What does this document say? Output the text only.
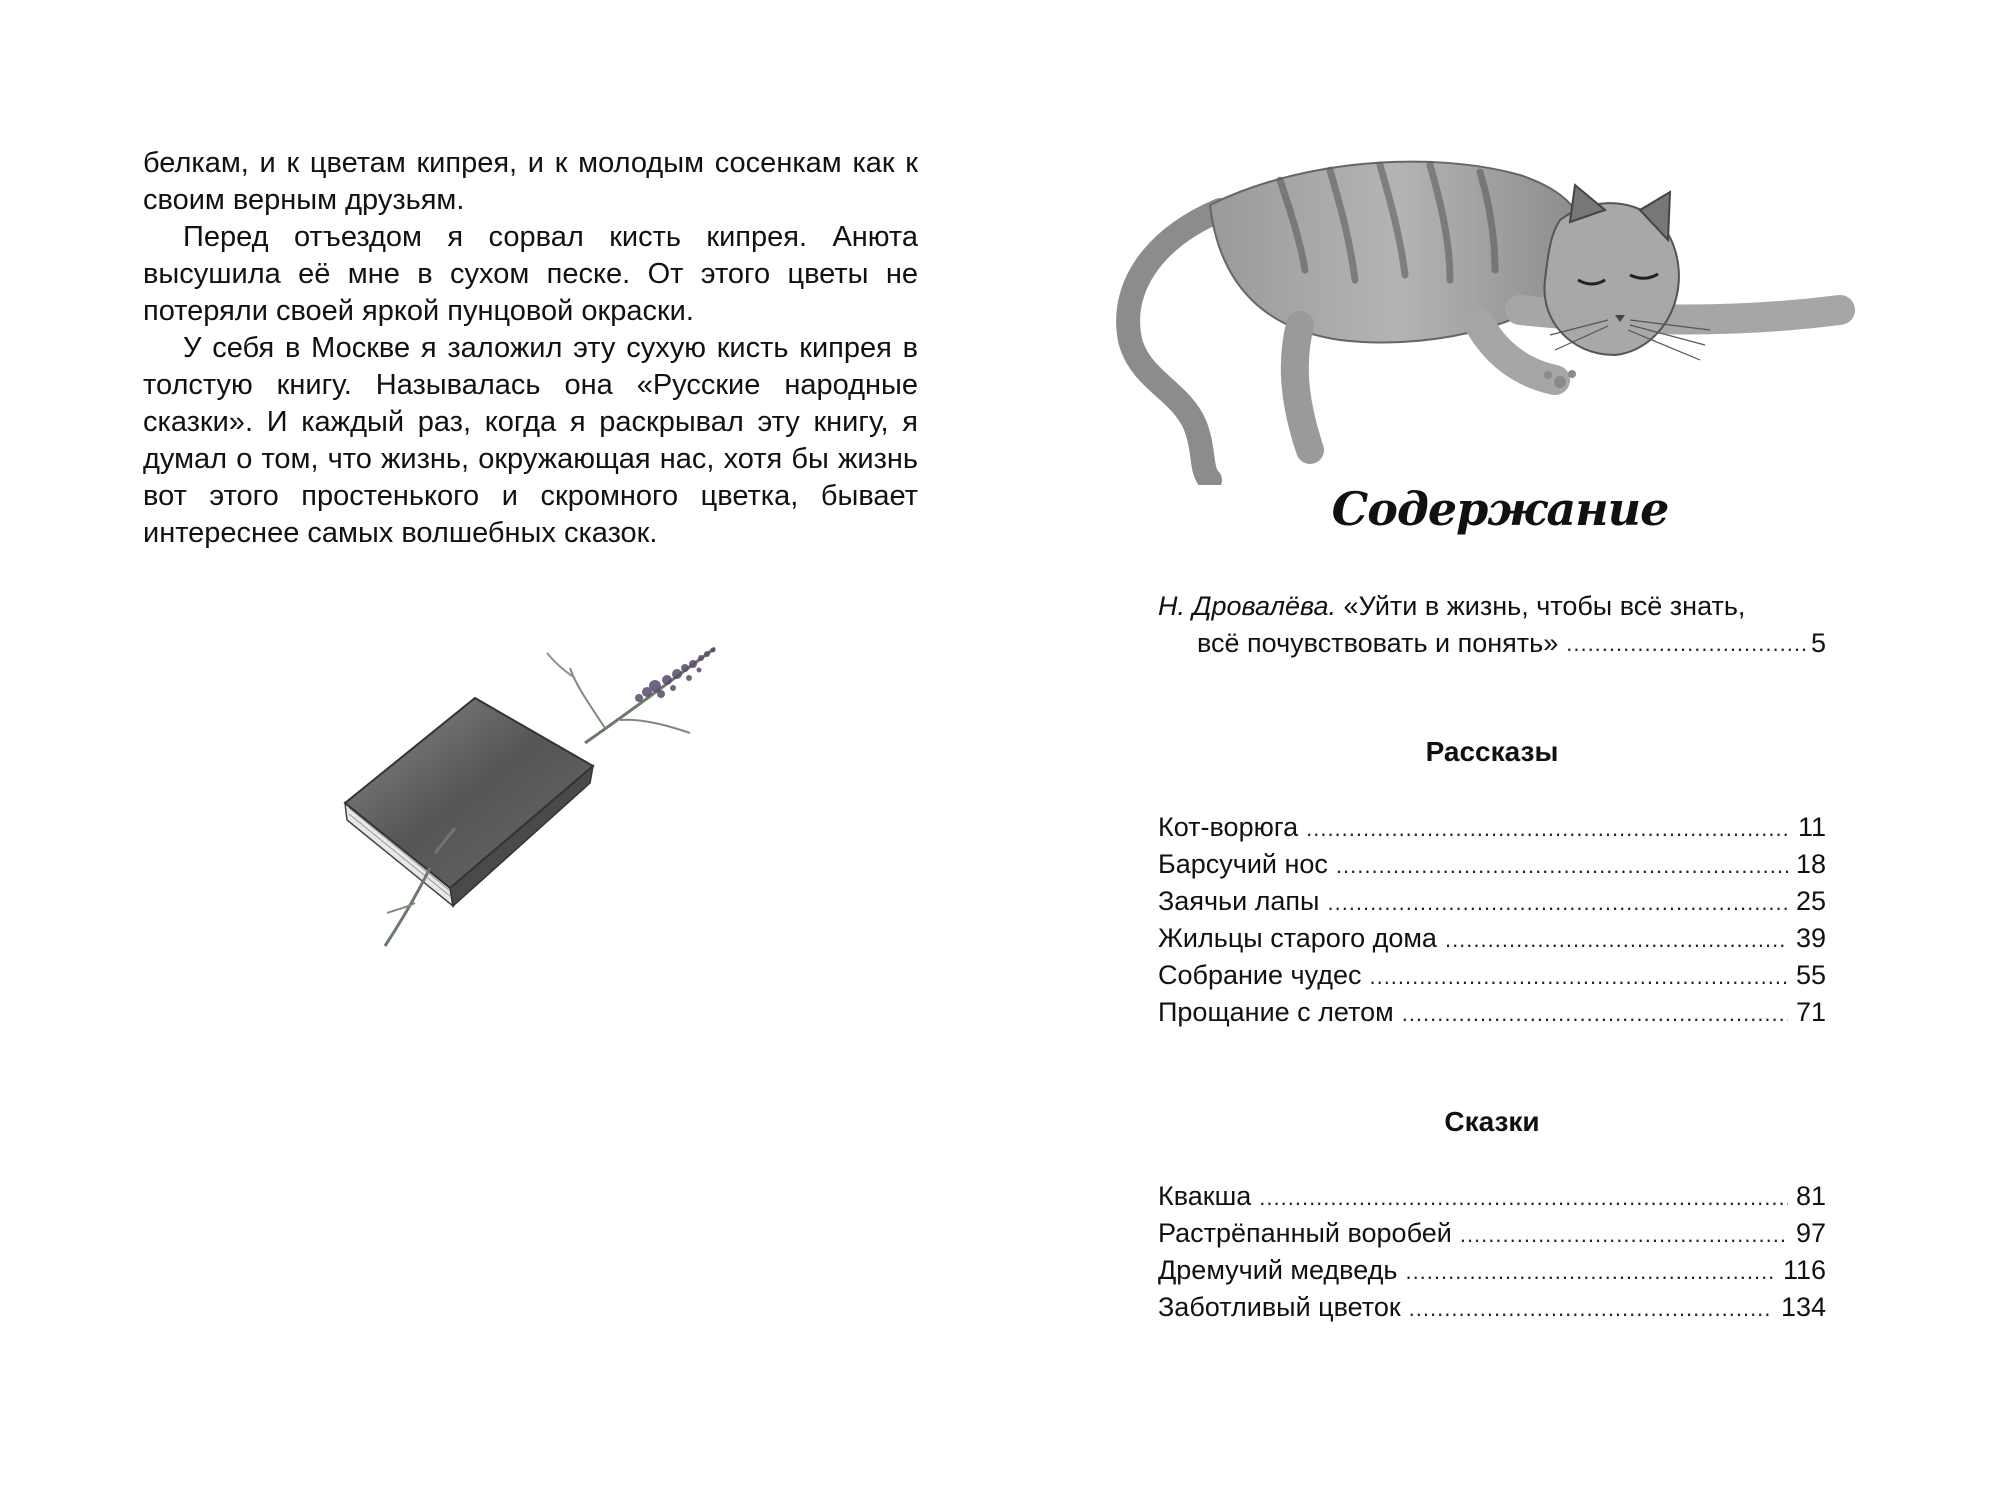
белкам, и к цветам кипрея, и к молодым сосенкам как к своим верным друзьям.

Перед отъездом я сорвал кисть кипрея. Анюта высушила её мне в сухом песке. От этого цветы не потеряли своей яркой пунцовой окраски.

У себя в Москве я заложил эту сухую кисть кипрея в толстую книгу. Называлась она «Русские народные сказки». И каждый раз, когда я раскрывал эту книгу, я думал о том, что жизнь, окружающая нас, хотя бы жизнь вот этого простенького и скромного цветка, бывает интереснее самых волшебных сказок.	Содержание
Н. Дровалёва. «Уйти в жизнь, чтобы всё знать,
всё почувствовать и понять» .....	5
Рассказы
Кот-ворюга .....	11
Барсучий нос .....	18
Заячьи лапы .....	25
Жильцы старого дома .....	39
Собрание чудес .....	55
Прощание с летом .....	71
Сказки
Квакша .....	81
Растрёпанный воробей .....	97
Дремучий медведь .....	116
Заботливый цветок .....	134
